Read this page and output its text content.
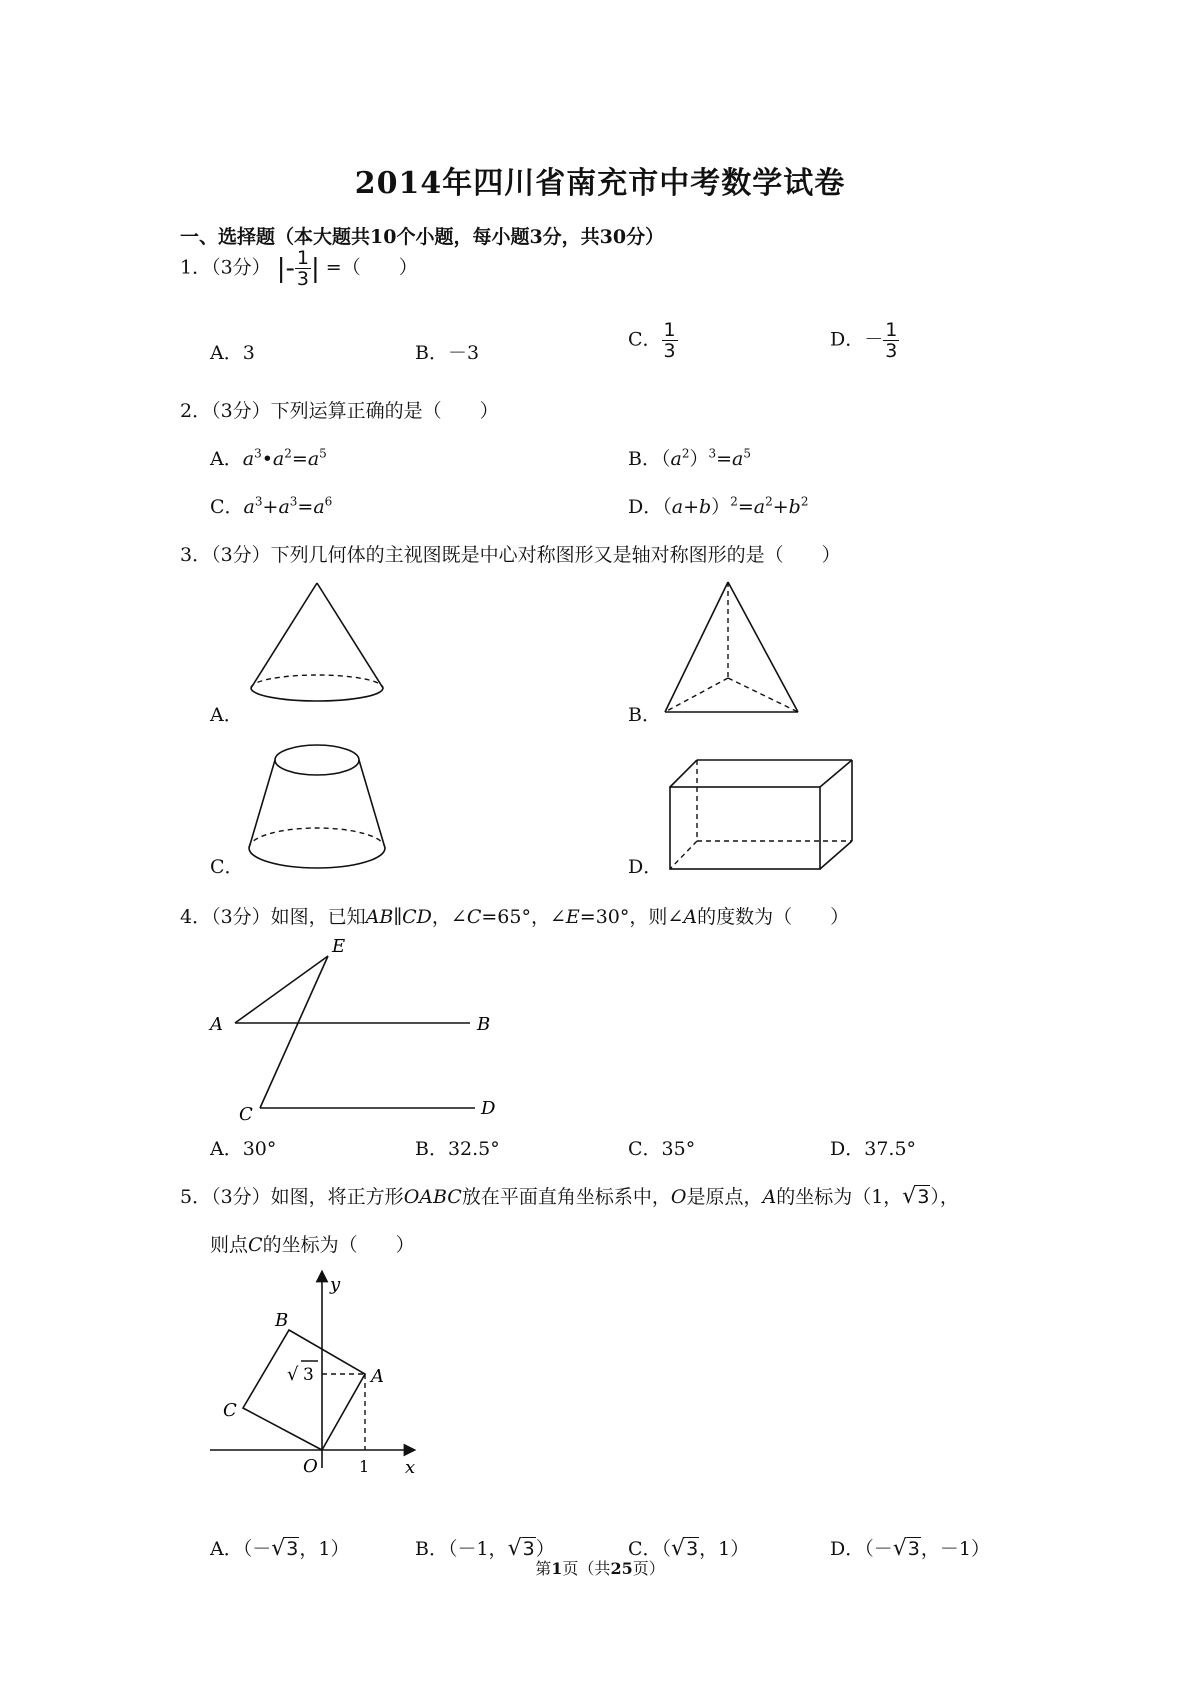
2014年四川省南充市中考数学试卷
一、选择题（本大题共10个小题，每小题3分，共30分）
1．（3分） |- $\frac{1}{3}$ | =（　　）
A．3	B．－3
C． $\frac{1}{3}$	D．－ $\frac{1}{3}$
2．（3分）下列运算正确的是（　　）
A．$a^3•a^2=a^5$	B．$(a^2)^3=a^5$
C．$a^3+a^3=a^6$	D．$(a+b)^2=a^2+b^2$
3．（3分）下列几何体的主视图既是中心对称图形又是轴对称图形的是（　　）
A．	B．
C．	D．
4．（3分）如图，已知AB∥CD，∠C=65°，∠E=30°，则∠A的度数为（　　）
E
A	B
C	D
A．30°	B．32.5°	C．35°	D．37.5°
5．（3分）如图，将正方形OABC放在平面直角坐标系中，O是原点，A的坐标为（1，√3），
则点C的坐标为（　　）
y
x
B
A
C
O	1
√ 3
A．（－√3，1）	B．（－1，√3）	C．（√3，1）	D．（－√3，－1）
第1页（共25页）
